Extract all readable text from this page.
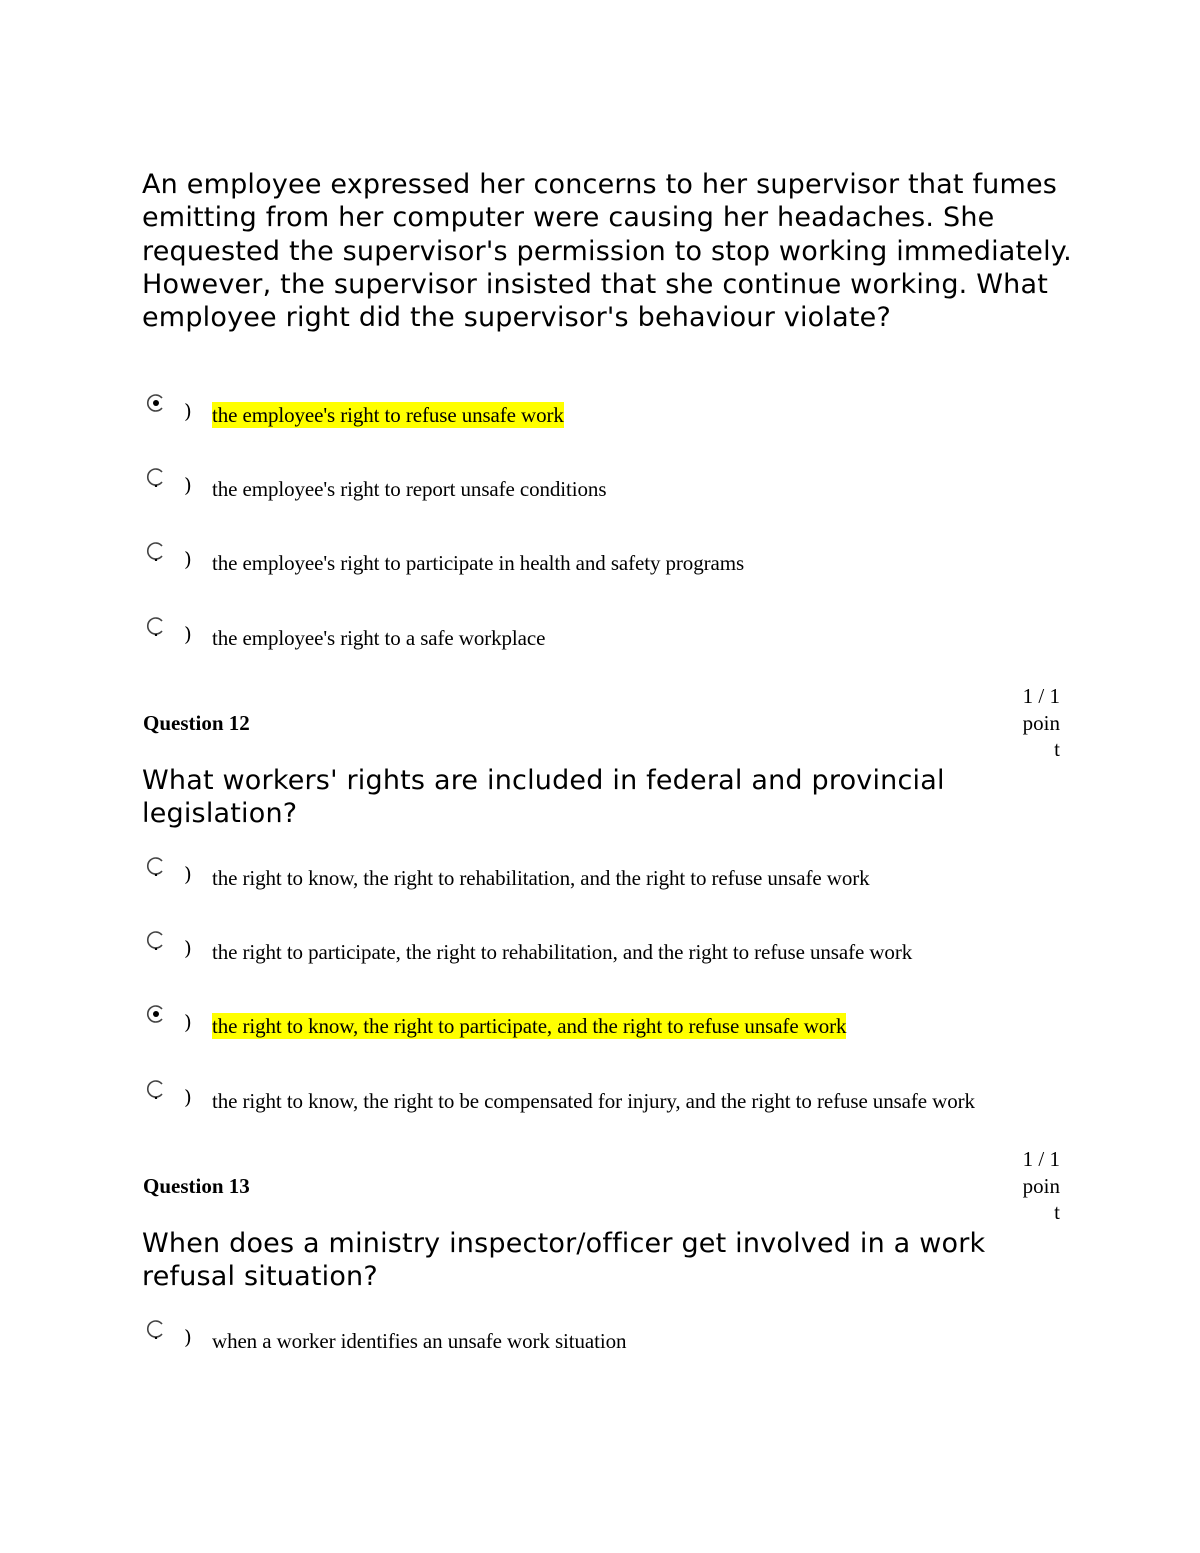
An employee expressed her concerns to her supervisor that fumes emitting from her computer were causing her headaches. She requested the supervisor's permission to stop working immediately. However, the supervisor insisted that she continue working. What employee right did the supervisor's behaviour violate?

) the employee's right to refuse unsafe work
) the employee's right to report unsafe conditions
) the employee's right to participate in health and safety programs
) the employee's right to a safe workplace
Question 12
1 / 1
poin
t

What workers' rights are included in federal and provincial legislation?

) the right to know, the right to rehabilitation, and the right to refuse unsafe work
) the right to participate, the right to rehabilitation, and the right to refuse unsafe work
) the right to know, the right to participate, and the right to refuse unsafe work
) the right to know, the right to be compensated for injury, and the right to refuse unsafe work
Question 13
1 / 1
poin
t

When does a ministry inspector/officer get involved in a work refusal situation?

) when a worker identifies an unsafe work situation
